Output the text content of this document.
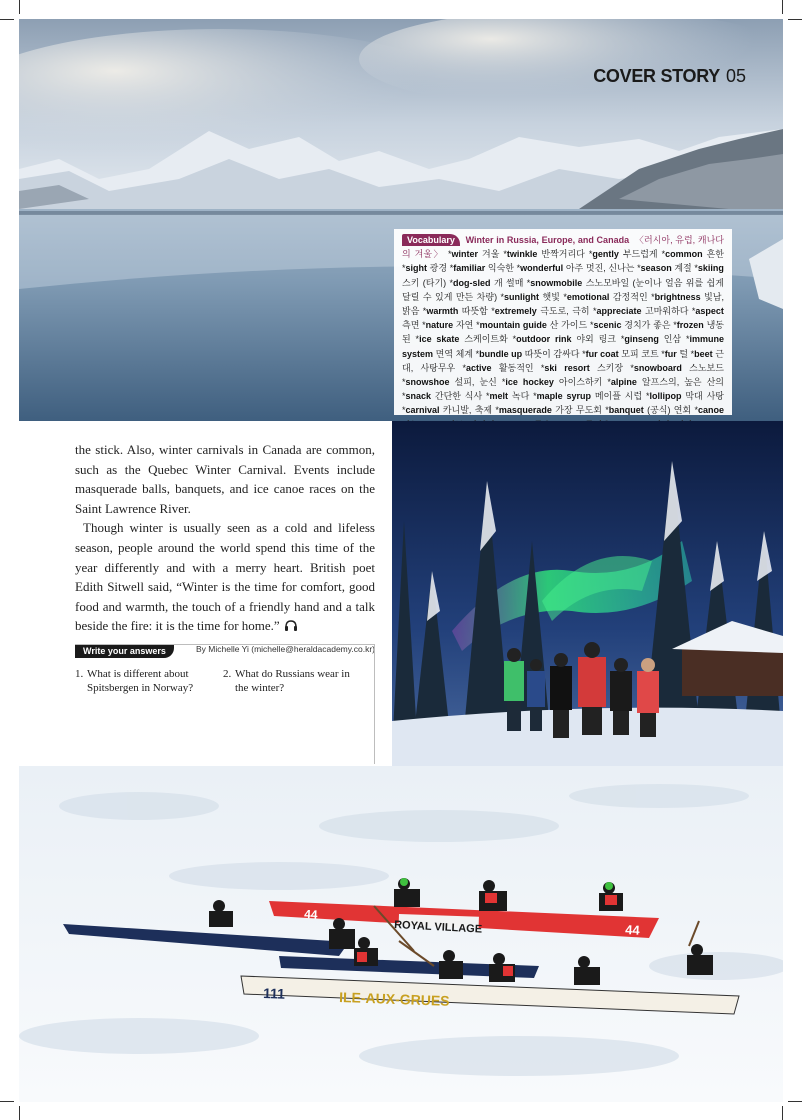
COVER STORY 05
Vocabulary Winter in Russia, Europe, and Canada 〈러시아, 유럽, 캐나다의 겨울〉 *winter 겨울 *twinkle 반짝거리다 *gently 부드럽게 *common 흔한 *sight 광경 *familiar 익숙한 *wonderful 아주 멋진, 신나는 *season 계절 *skiing 스키 (타기) *dog-sled 개 썰매 *snowmobile 스노모바일 (눈이나 얼음 위를 쉽게 달릴 수 있게 만든 차량) *sunlight 햇빛 *emotional 감정적인 *brightness 빛남, 밝음 *warmth 따뜻함 *extremely 극도로, 극히 *appreciate 고마워하다 *aspect 측면 *nature 자연 *mountain guide 산 가이드 *scenic 경치가 좋은 *frozen 냉동된 *ice skate 스케이트화 *outdoor rink 야외 링크 *ginseng 인삼 *immune system 면역 체계 *bundle up 따뜻이 감싸다 *fur coat 모피 코트 *fur 털 *beet 근대, 사탕무우 *active 활동적인 *ski resort 스키장 *snowboard 스노보드 *snowshoe 설피, 눈신 *ice hockey 아이스하키 *alpine 알프스의, 높은 산의 *snack 간단한 식사 *melt 녹다 *maple syrup 메이플 시럽 *lollipop 막대 사탕 *carnival 카니발, 축제 *masquerade 가장 무도회 *banquet (공식) 연회 *canoe

the stick. Also, winter carnivals in Canada are common, such as the Quebec Winter Carnival. Events include masquerade balls, banquets, and ice canoe races on the Saint Lawrence River.

Though winter is usually seen as a cold and lifeless season, people around the world spend this time of the year differently and with a merry heart. British poet Edith Sitwell said, “Winter is the time for comfort, good food and warmth, the touch of a friendly hand and a talk beside the fire: it is the time for home.”
By Michelle Yi (michelle@heraldacademy.co.kr)

Write your answers
1. What is different about Spitsbergen in Norway?
2. What do Russians wear in the winter?
44
44
ROYAL VILLAGE
111	ILE-AUX-GRUES
